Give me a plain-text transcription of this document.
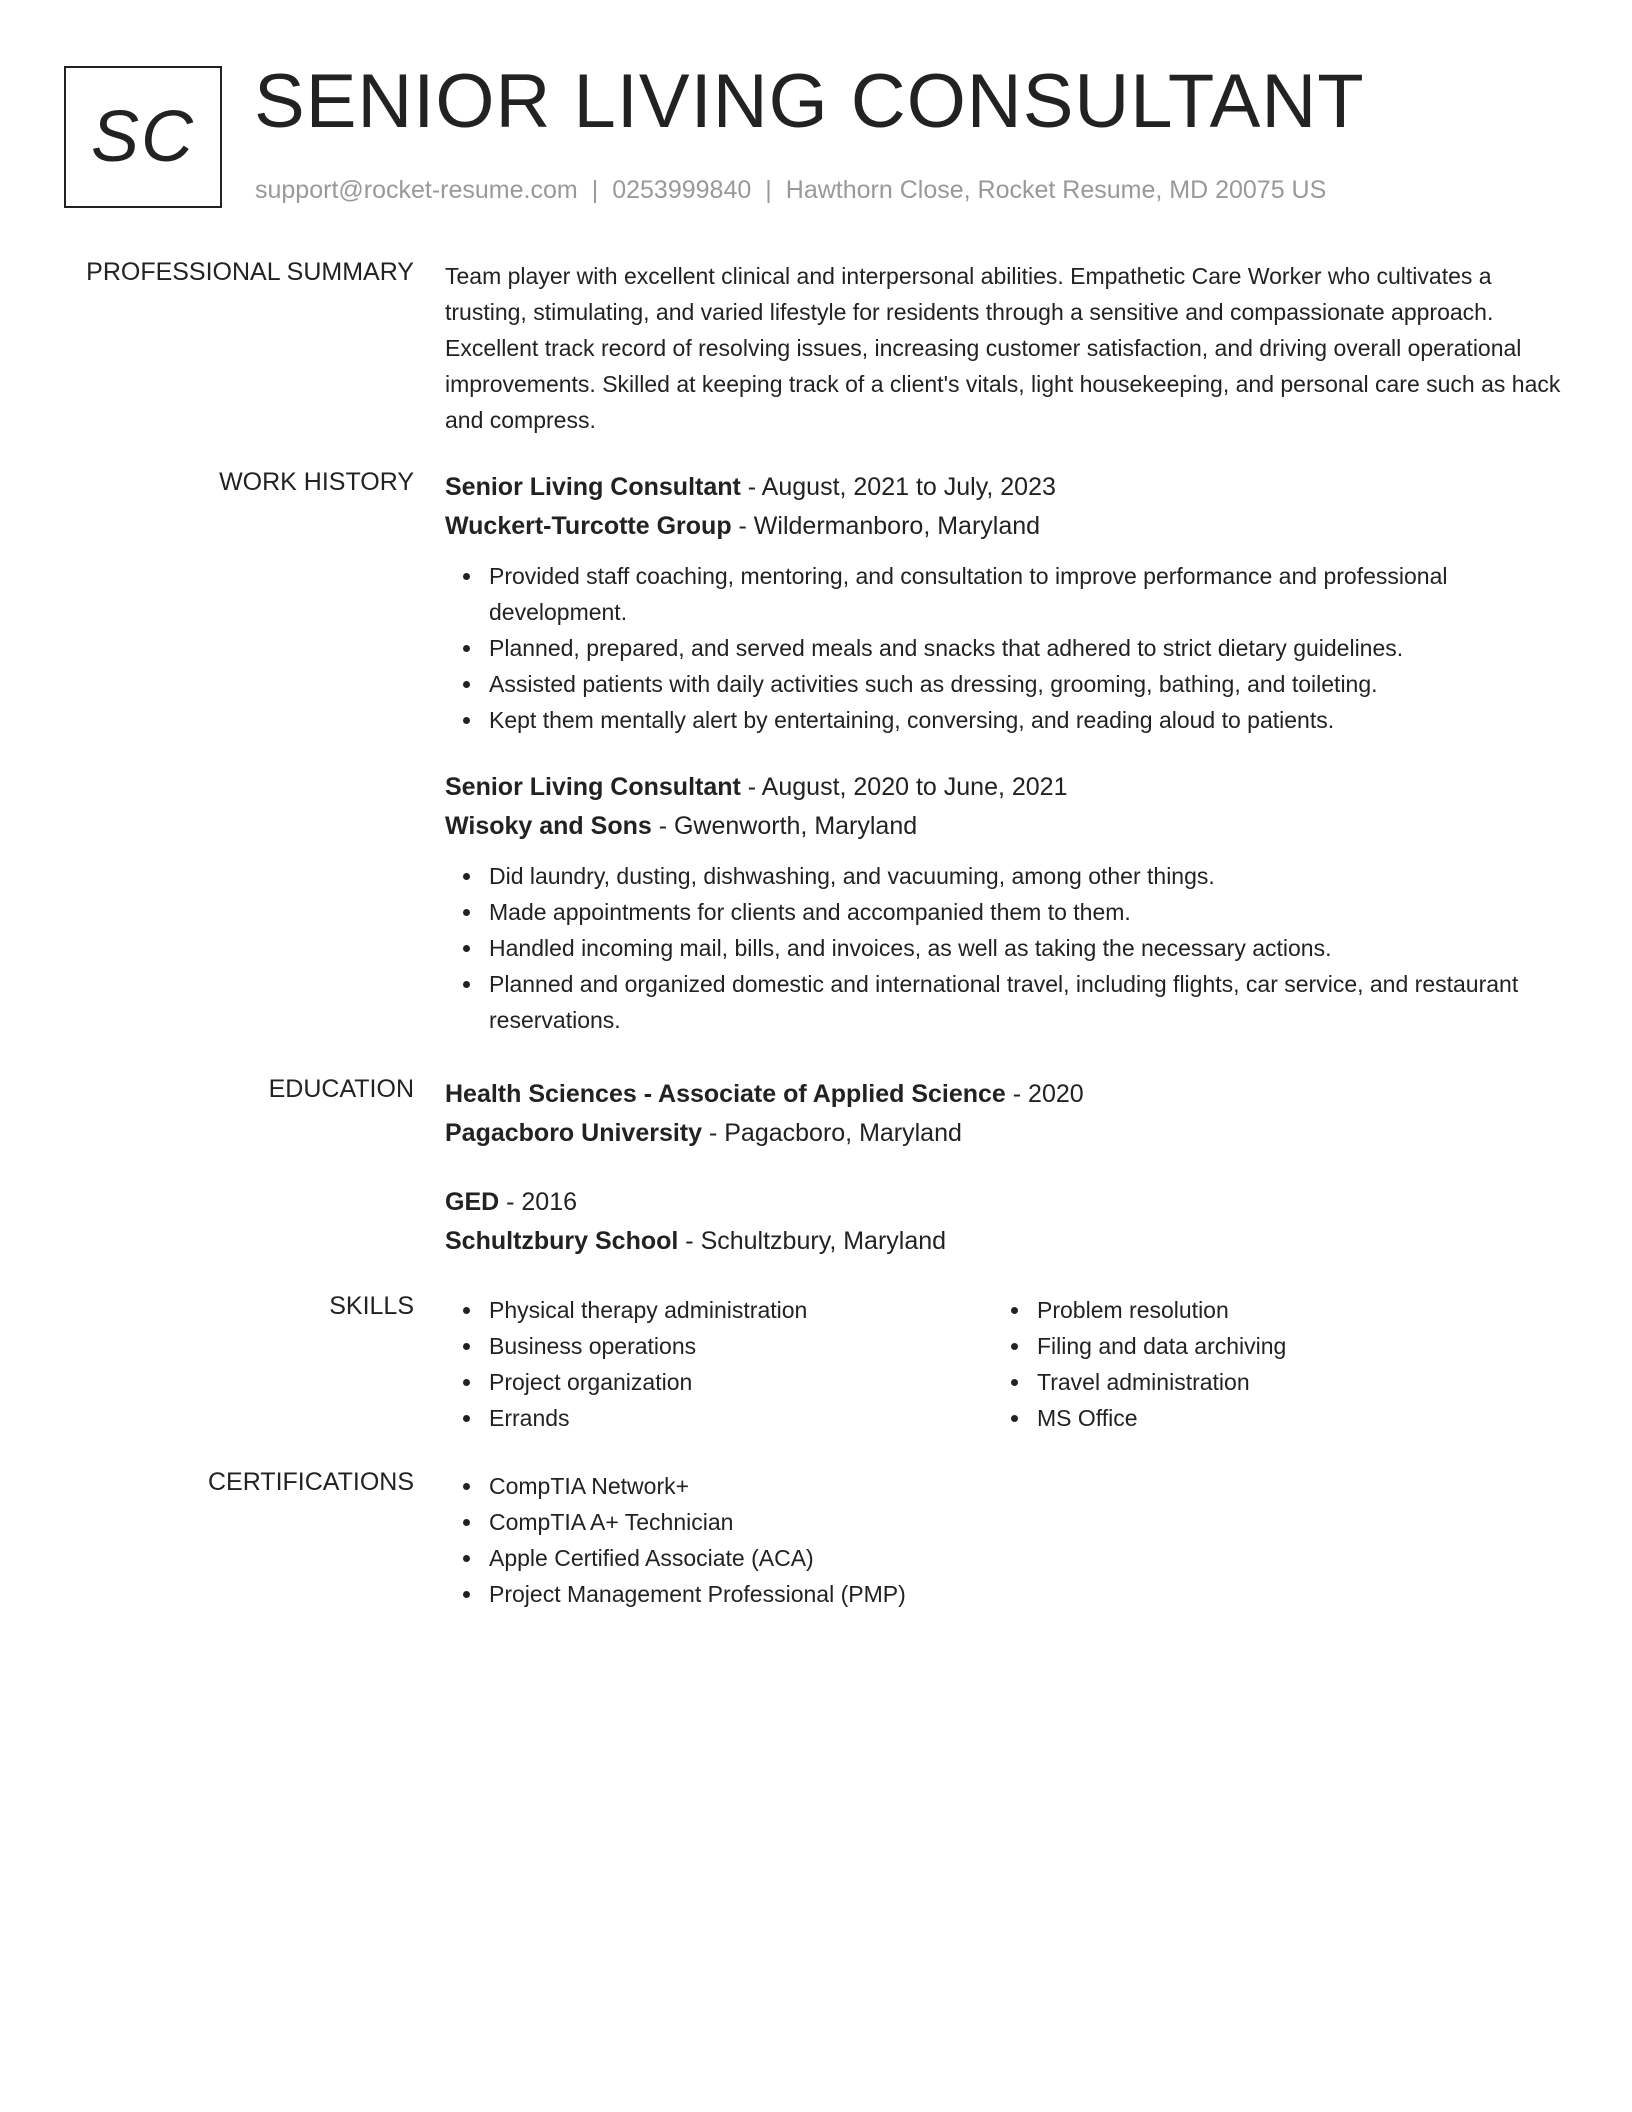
SC SENIOR LIVING CONSULTANT
support@rocket-resume.com | 0253999840 | Hawthorn Close, Rocket Resume, MD 20075 US
PROFESSIONAL SUMMARY Team player with excellent clinical and interpersonal abilities. Empathetic Care Worker who cultivates a trusting, stimulating, and varied lifestyle for residents through a sensitive and compassionate approach. Excellent track record of resolving issues, increasing customer satisfaction, and driving overall operational improvements. Skilled at keeping track of a client's vitals, light housekeeping, and personal care such as hack and compress.
WORK HISTORY Senior Living Consultant - August, 2021 to July, 2023
Wuckert-Turcotte Group - Wildermanboro, Maryland
Provided staff coaching, mentoring, and consultation to improve performance and professional development.
Planned, prepared, and served meals and snacks that adhered to strict dietary guidelines.
Assisted patients with daily activities such as dressing, grooming, bathing, and toileting.
Kept them mentally alert by entertaining, conversing, and reading aloud to patients.
Senior Living Consultant - August, 2020 to June, 2021
Wisoky and Sons - Gwenworth, Maryland
Did laundry, dusting, dishwashing, and vacuuming, among other things.
Made appointments for clients and accompanied them to them.
Handled incoming mail, bills, and invoices, as well as taking the necessary actions.
Planned and organized domestic and international travel, including flights, car service, and restaurant reservations.
EDUCATION Health Sciences - Associate of Applied Science - 2020
Pagacboro University - Pagacboro, Maryland
GED - 2016
Schultzbury School - Schultzbury, Maryland
SKILLS	Physical therapy administration
Business operations
Project organization
Errands
Problem resolution
Filing and data archiving
Travel administration
MS Office
CERTIFICATIONS	CompTIA Network+
CompTIA A+ Technician
Apple Certified Associate (ACA)
Project Management Professional (PMP)
